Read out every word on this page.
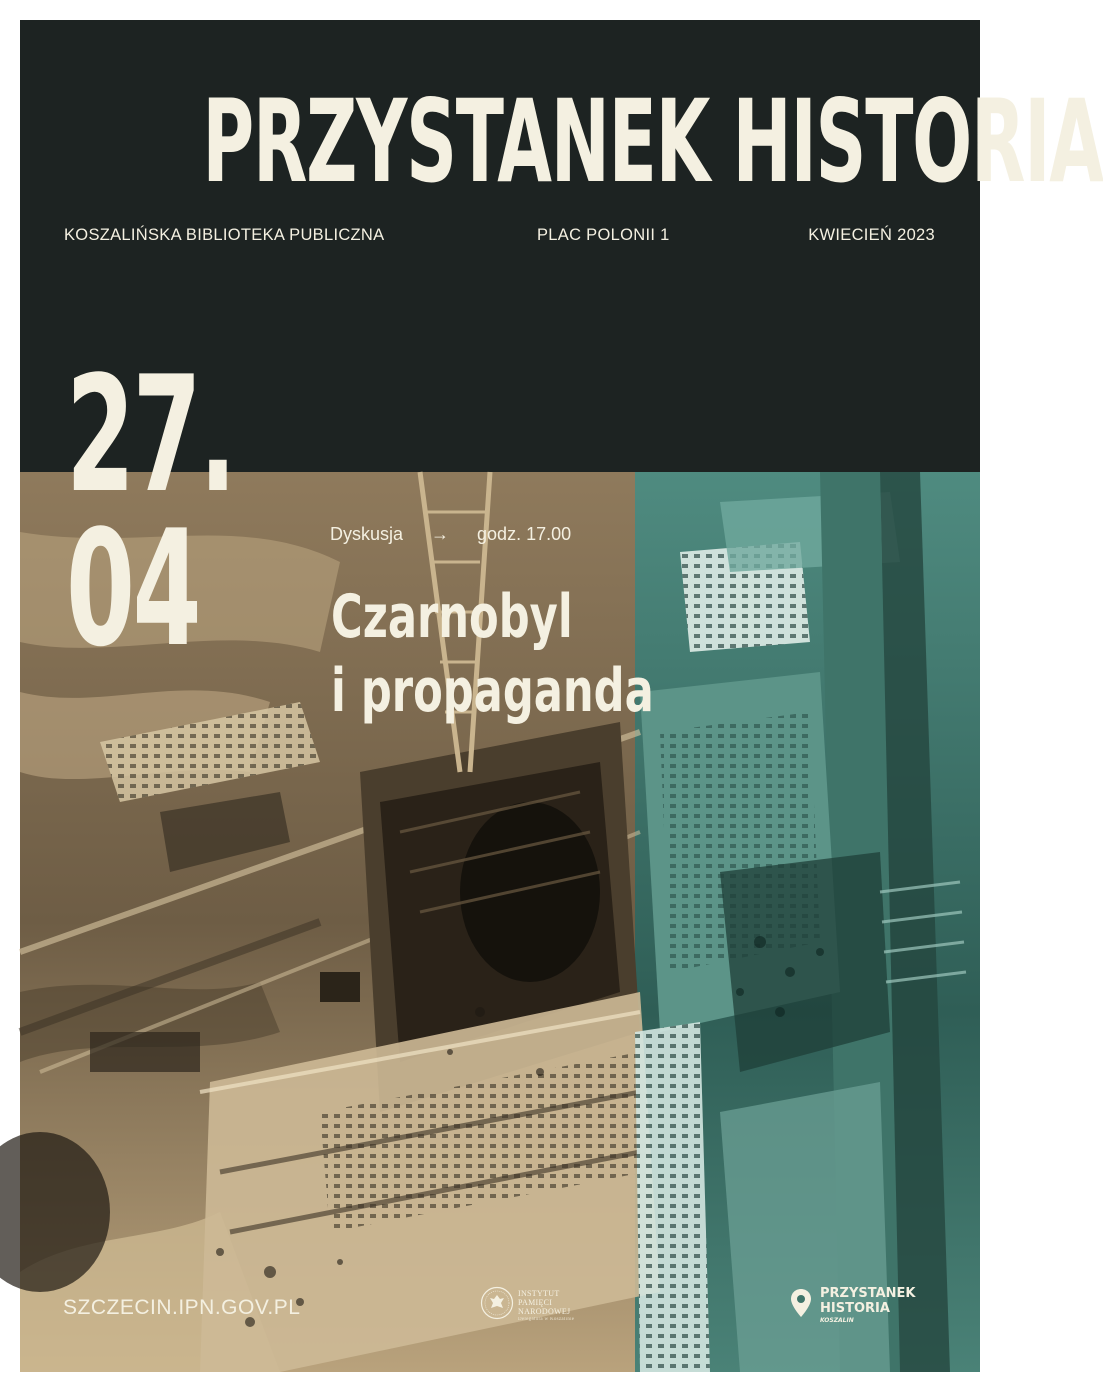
PRZYSTANEK HISTORIA
KOSZALIŃSKA BIBLIOTEKA PUBLICZNA	PLAC POLONII 1	KWIECIEŃ 2023
27.
04	Dyskusja → godz. 17.00
Czarnobyl
i propaganda
SZCZECIN.IPN.GOV.PL
INSTYTUT
PAMIĘCI
NARODOWEJ
Delegatura w Koszalinie
PRZYSTANEK
HISTORIA
KOSZALIN
